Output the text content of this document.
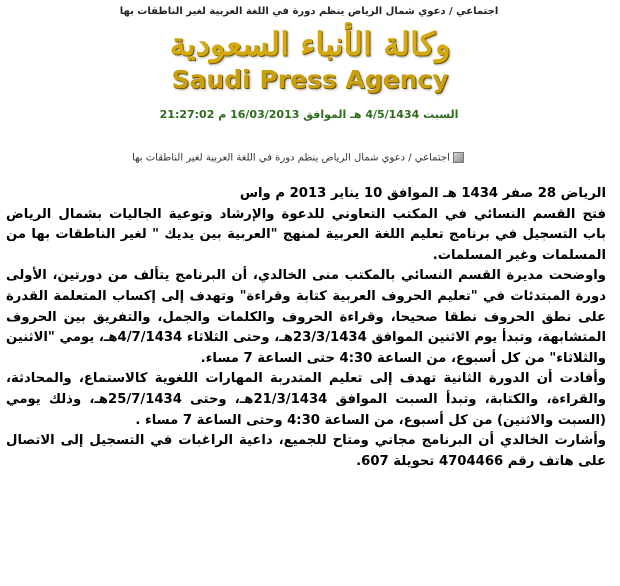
اجتماعي / دعوي شمال الرياض ينظم دورة في اللغة العربية لغير الناطقات بها
وكالة الأنباء السعودية
Saudi Press Agency
السبت 4/5/1434 هـ الموافق 16/03/2013 م 21:27:02
اجتماعي / دعوي شمال الرياض ينظم دورة في اللغة العربية لغير الناطقات بها

الرياض 28 صفر 1434 هـ الموافق 10 يناير 2013 م واس

فتح القسم النسائي في المكتب التعاوني للدعوة والإرشاد وتوعية الجاليات بشمال الرياض باب التسجيل في برنامج تعليم اللغة العربية لمنهج "العربية بين يديك " لغير الناطقات بها من المسلمات وغير المسلمات.

واوضحت مديرة القسم النسائي بالمكتب منى الخالدي، أن البرنامج يتألف من دورتين، الأولى دورة المبتدئات في "تعليم الحروف العربية كتابة وقراءة" وتهدف إلى إكساب المتعلمة القدرة على نطق الحروف نطقا صحيحا، وقراءة الحروف والكلمات والجمل، والتفريق بين الحروف المتشابهة، وتبدأ يوم الاثنين الموافق 23/3/1434هـ، وحتى الثلاثاء 4/7/1434هـ، يومي "الاثنين والثلاثاء" من كل أسبوع، من الساعة 4:30 حتى الساعة 7 مساء.

وأفادت أن الدورة الثانية تهدف إلى تعليم المتدربة المهارات اللغوية كالاستماع، والمحادثة، والقراءة، والكتابة، وتبدأ السبت الموافق 21/3/1434هـ، وحتى 25/7/1434هـ، وذلك يومي (السبت والاثنين) من كل أسبوع، من الساعة 4:30 وحتى الساعة 7 مساء .

وأشارت الخالدي أن البرنامج مجاني ومتاح للجميع، داعية الراغبات في التسجيل إلى الاتصال على هاتف رقم 4704466 تحويلة 607.
